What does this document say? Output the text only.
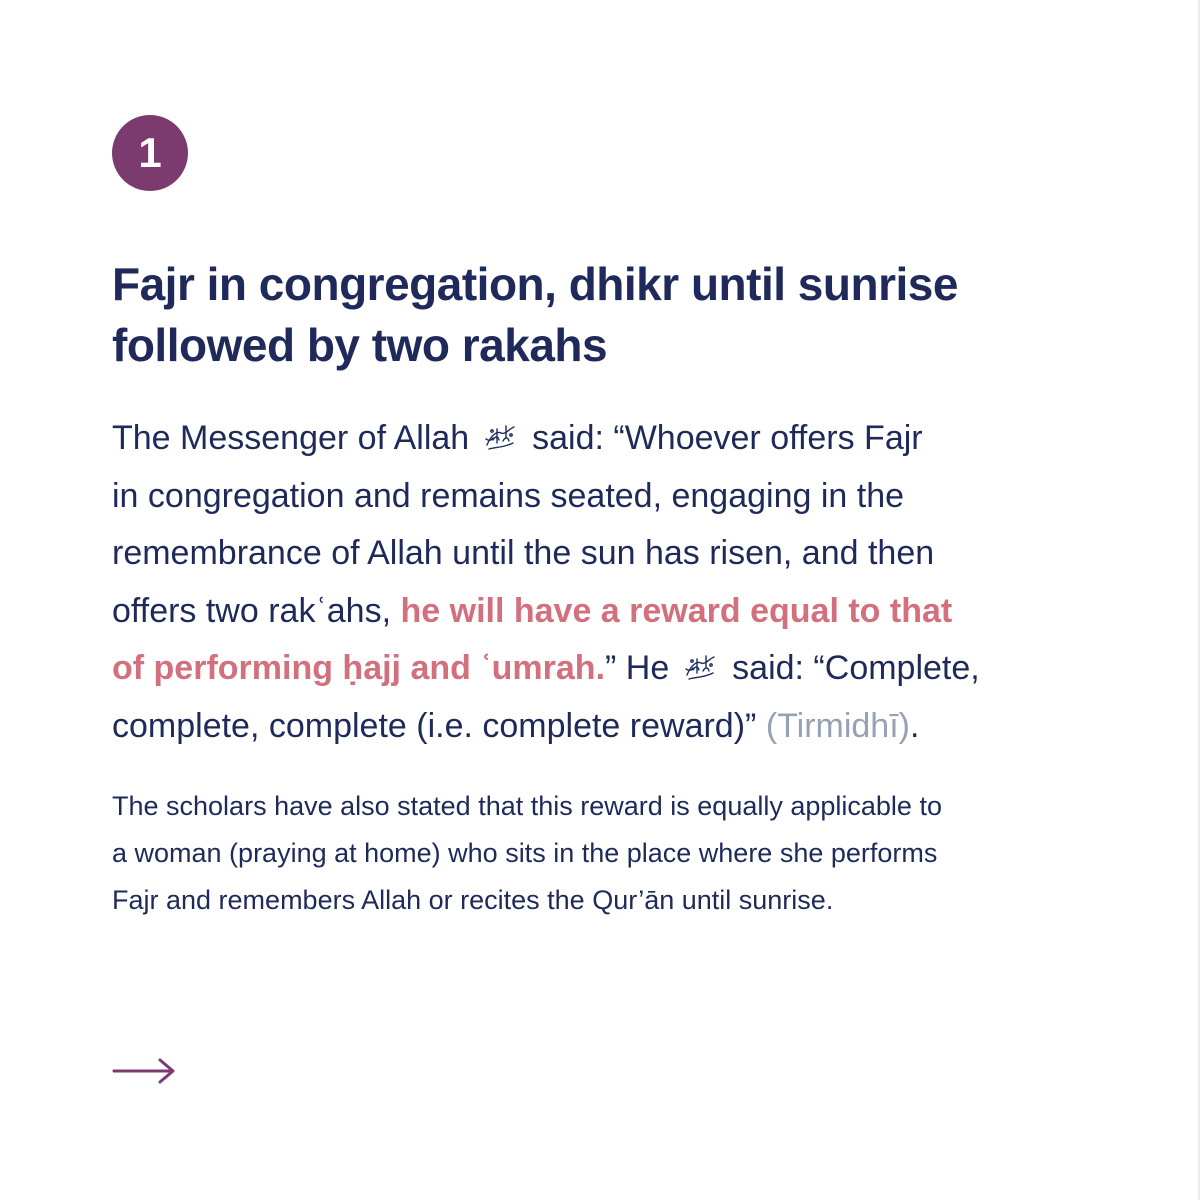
1
Fajr in congregation, dhikr until sunrise
followed by two rakahs

The Messenger of Allah said: “Whoever offers Fajr
in congregation and remains seated, engaging in the
remembrance of Allah until the sun has risen, and then
offers two rakʿahs, he will have a reward equal to that
of performing ḥajj and ʿumrah.” He said: “Complete,
complete, complete (i.e. complete reward)” (Tirmidhī).

The scholars have also stated that this reward is equally applicable to
a woman (praying at home) who sits in the place where she performs
Fajr and remembers Allah or recites the Qur’ān until sunrise.
